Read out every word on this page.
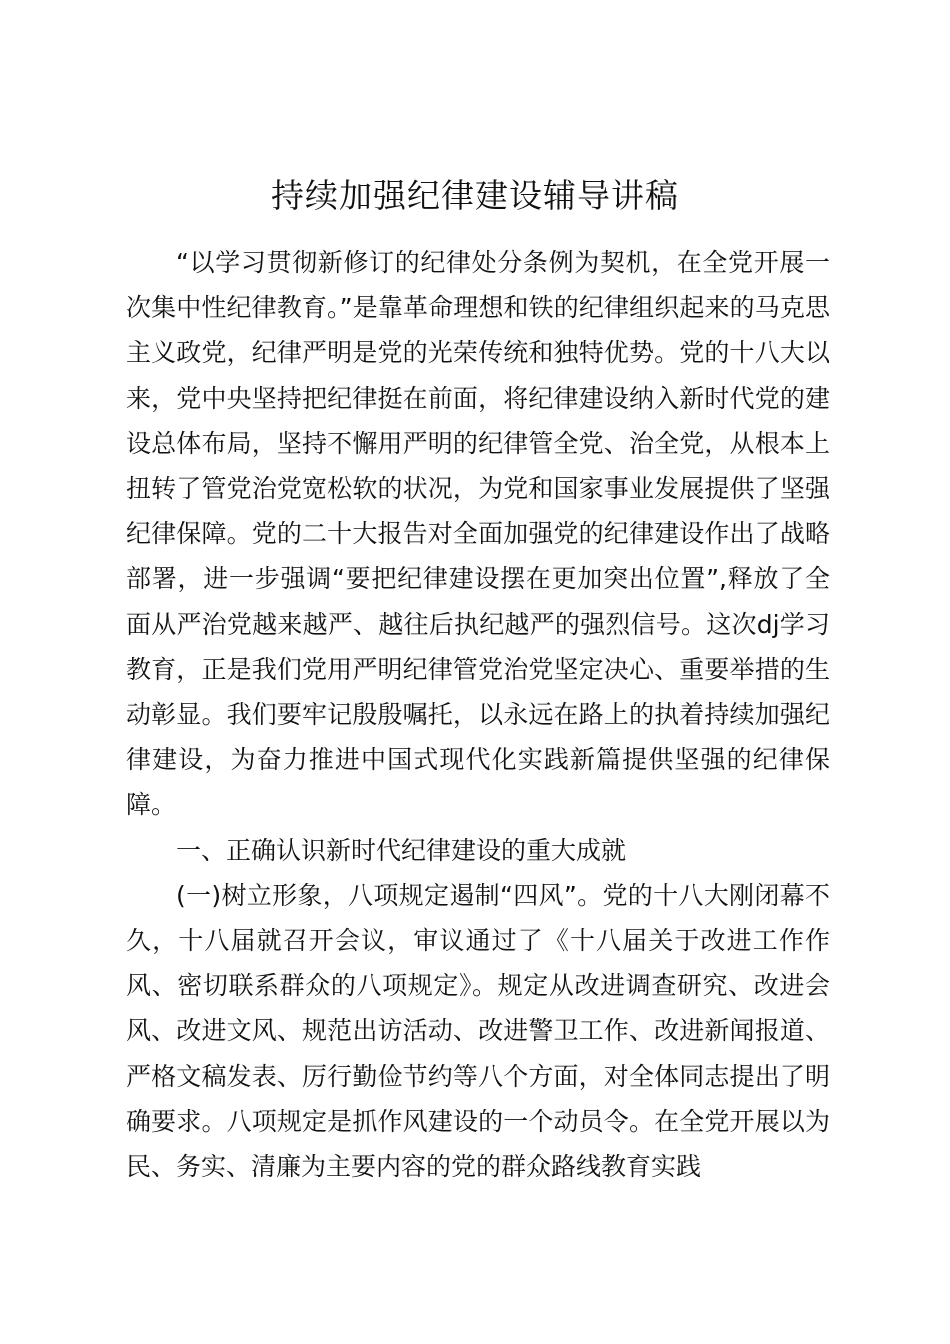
持续加强纪律建设辅导讲稿

“以学习贯彻新修订的纪律处分条例为契机，在全党开展一次集中性纪律教育。”是靠革命理想和铁的纪律组织起来的马克思主义政党，纪律严明是党的光荣传统和独特优势。党的十八大以来，党中央坚持把纪律挺在前面，将纪律建设纳入新时代党的建设总体布局，坚持不懈用严明的纪律管全党、治全党，从根本上扭转了管党治党宽松软的状况，为党和国家事业发展提供了坚强纪律保障。党的二十大报告对全面加强党的纪律建设作出了战略部署，进一步强调“要把纪律建设摆在更加突出位置”,释放了全面从严治党越来越严、越往后执纪越严的强烈信号。这次dj学习教育，正是我们党用严明纪律管党治党坚定决心、重要举措的生动彰显。我们要牢记殷殷嘱托，以永远在路上的执着持续加强纪律建设，为奋力推进中国式现代化实践新篇提供坚强的纪律保障。

一、正确认识新时代纪律建设的重大成就

(一)树立形象，八项规定遏制“四风”。党的十八大刚闭幕不久，十八届就召开会议，审议通过了《十八届关于改进工作作风、密切联系群众的八项规定》。规定从改进调查研究、改进会风、改进文风、规范出访活动、改进警卫工作、改进新闻报道、严格文稿发表、厉行勤俭节约等八个方面，对全体同志提出了明确要求。八项规定是抓作风建设的一个动员令。在全党开展以为民、务实、清廉为主要内容的党的群众路线教育实践
